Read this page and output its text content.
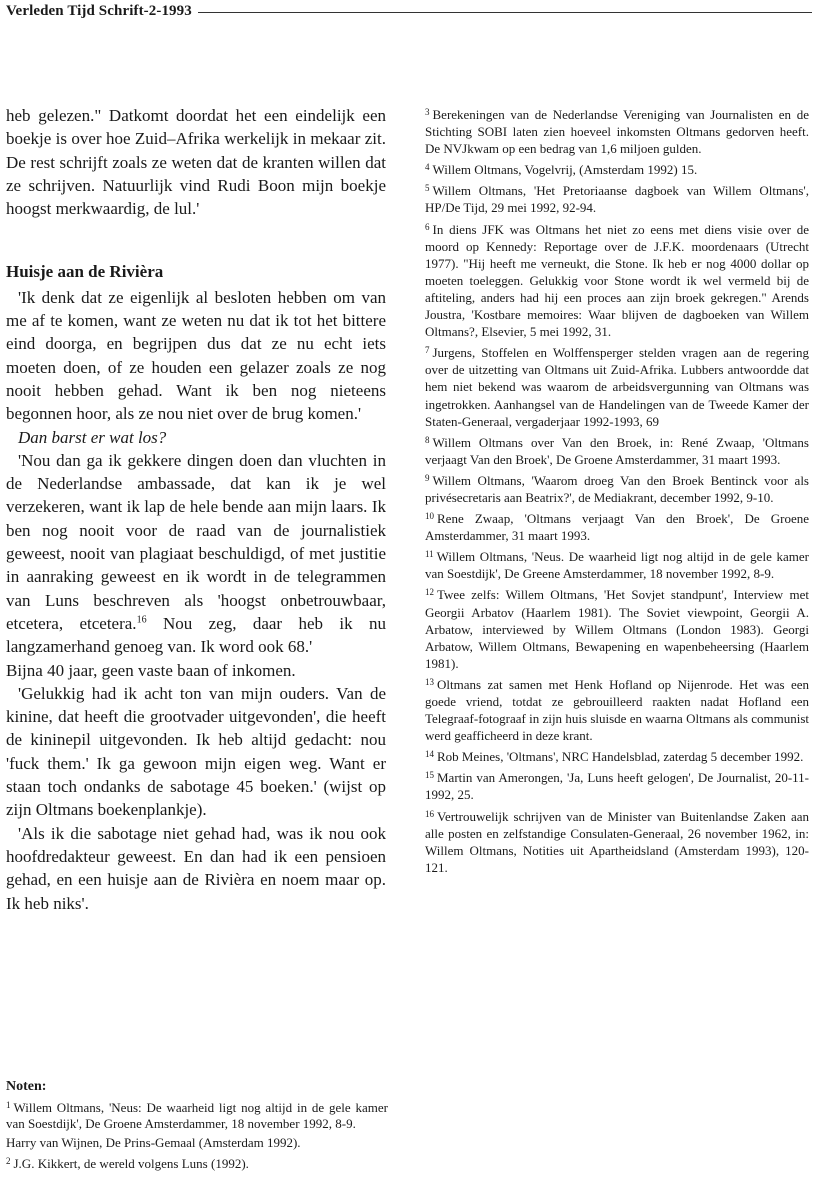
Verleden Tijd Schrift-2-1993

heb gelezen." Datkomt doordat het een eindelijk een boekje is over hoe Zuid–Afrika werkelijk in mekaar zit. De rest schrijft zoals ze weten dat de kranten willen dat ze schrijven. Natuurlijk vind Rudi Boon mijn boekje hoogst merkwaardig, de lul.'

Huisje aan de Rivièra

'Ik denk dat ze eigenlijk al besloten hebben om van me af te komen, want ze weten nu dat ik tot het bittere eind doorga, en begrijpen dus dat ze nu echt iets moeten doen, of ze houden een gelazer zoals ze nog nooit hebben gehad. Want ik ben nog nieteens begonnen hoor, als ze nou niet over de brug komen.'

Dan barst er wat los?

'Nou dan ga ik gekkere dingen doen dan vluchten in de Nederlandse ambassade, dat kan ik je wel verzekeren, want ik lap de hele bende aan mijn laars. Ik ben nog nooit voor de raad van de journalistiek geweest, nooit van plagiaat beschuldigd, of met justitie in aanraking geweest en ik wordt in de telegrammen van Luns beschreven als 'hoogst onbetrouwbaar, etcetera, etcetera.$^{16}$ Nou zeg, daar heb ik nu langzamerhand genoeg van. Ik word ook 68.'

Bijna 40 jaar, geen vaste baan of inkomen.

'Gelukkig had ik acht ton van mijn ouders. Van de kinine, dat heeft die grootvader uitgevonden', die heeft de kininepil uitgevonden. Ik heb altijd gedacht: nou 'fuck them.' Ik ga gewoon mijn eigen weg. Want er staan toch ondanks de sabotage 45 boeken.' (wijst op zijn Oltmans boekenplankje).

'Als ik die sabotage niet gehad had, was ik nou ook hoofdredakteur geweest. En dan had ik een pensioen gehad, en een huisje aan de Rivièra en noem maar op. Ik heb niks'.

Noten:

$^1$ Willem Oltmans, 'Neus: De waarheid ligt nog altijd in de gele kamer van Soestdijk', De Groene Amsterdammer, 18 november 1992, 8-9.

Harry van Wijnen, De Prins-Gemaal (Amsterdam 1992).

$^2$ J.G. Kikkert, de wereld volgens Luns (1992).

$^3$ Berekeningen van de Nederlandse Vereniging van Journalisten en de Stichting SOBI laten zien hoeveel inkomsten Oltmans gedorven heeft. De NVJkwam op een bedrag van 1,6 miljoen gulden.

$^4$ Willem Oltmans, Vogelvrij, (Amsterdam 1992) 15.

$^5$ Willem Oltmans, 'Het Pretoriaanse dagboek van Willem Oltmans', HP/De Tijd, 29 mei 1992, 92-94.

$^6$ In diens JFK was Oltmans het niet zo eens met diens visie over de moord op Kennedy: Reportage over de J.F.K. moordenaars (Utrecht 1977). "Hij heeft me verneukt, die Stone. Ik heb er nog 4000 dollar op moeten toeleggen. Gelukkig voor Stone wordt ik wel vermeld bij de aftiteling, anders had hij een proces aan zijn broek gekregen." Arends Joustra, 'Kostbare memoires: Waar blijven de dagboeken van Willem Oltmans?, Elsevier, 5 mei 1992, 31.

$^7$ Jurgens, Stoffelen en Wolffensperger stelden vragen aan de regering over de uitzetting van Oltmans uit Zuid-Afrika. Lubbers antwoordde dat hem niet bekend was waarom de arbeidsvergunning van Oltmans was ingetrokken. Aanhangsel van de Handelingen van de Tweede Kamer der Staten-Generaal, vergaderjaar 1992-1993, 69

$^8$ Willem Oltmans over Van den Broek, in: René Zwaap, 'Oltmans verjaagt Van den Broek', De Groene Amsterdammer, 31 maart 1993.

$^9$ Willem Oltmans, 'Waarom droeg Van den Broek Bentinck voor als privésecretaris aan Beatrix?', de Mediakrant, december 1992, 9-10.

$^{10}$ Rene Zwaap, 'Oltmans verjaagt Van den Broek', De Groene Amsterdammer, 31 maart 1993.

$^{11}$ Willem Oltmans, 'Neus. De waarheid ligt nog altijd in de gele kamer van Soestdijk', De Greene Amsterdammer, 18 november 1992, 8-9.

$^{12}$ Twee zelfs: Willem Oltmans, 'Het Sovjet standpunt', Interview met Georgii Arbatov (Haarlem 1981). The Soviet viewpoint, Georgii A. Arbatow, interviewed by Willem Oltmans (London 1983). Georgi Arbatow, Willem Oltmans, Bewapening en wapenbeheersing (Haarlem 1981).

$^{13}$ Oltmans zat samen met Henk Hofland op Nijenrode. Het was een goede vriend, totdat ze gebrouilleerd raakten nadat Hofland een Telegraaf-fotograaf in zijn huis sluisde en waarna Oltmans als communist werd geafficheerd in deze krant.

$^{14}$ Rob Meines, 'Oltmans', NRC Handelsblad, zaterdag 5 december 1992.

$^{15}$ Martin van Amerongen, 'Ja, Luns heeft gelogen', De Journalist, 20-11-1992, 25.

$^{16}$ Vertrouwelijk schrijven van de Minister van Buitenlandse Zaken aan alle posten en zelfstandige Consulaten-Generaal, 26 november 1962, in: Willem Oltmans, Notities uit Apartheidsland (Amsterdam 1993), 120-121.
